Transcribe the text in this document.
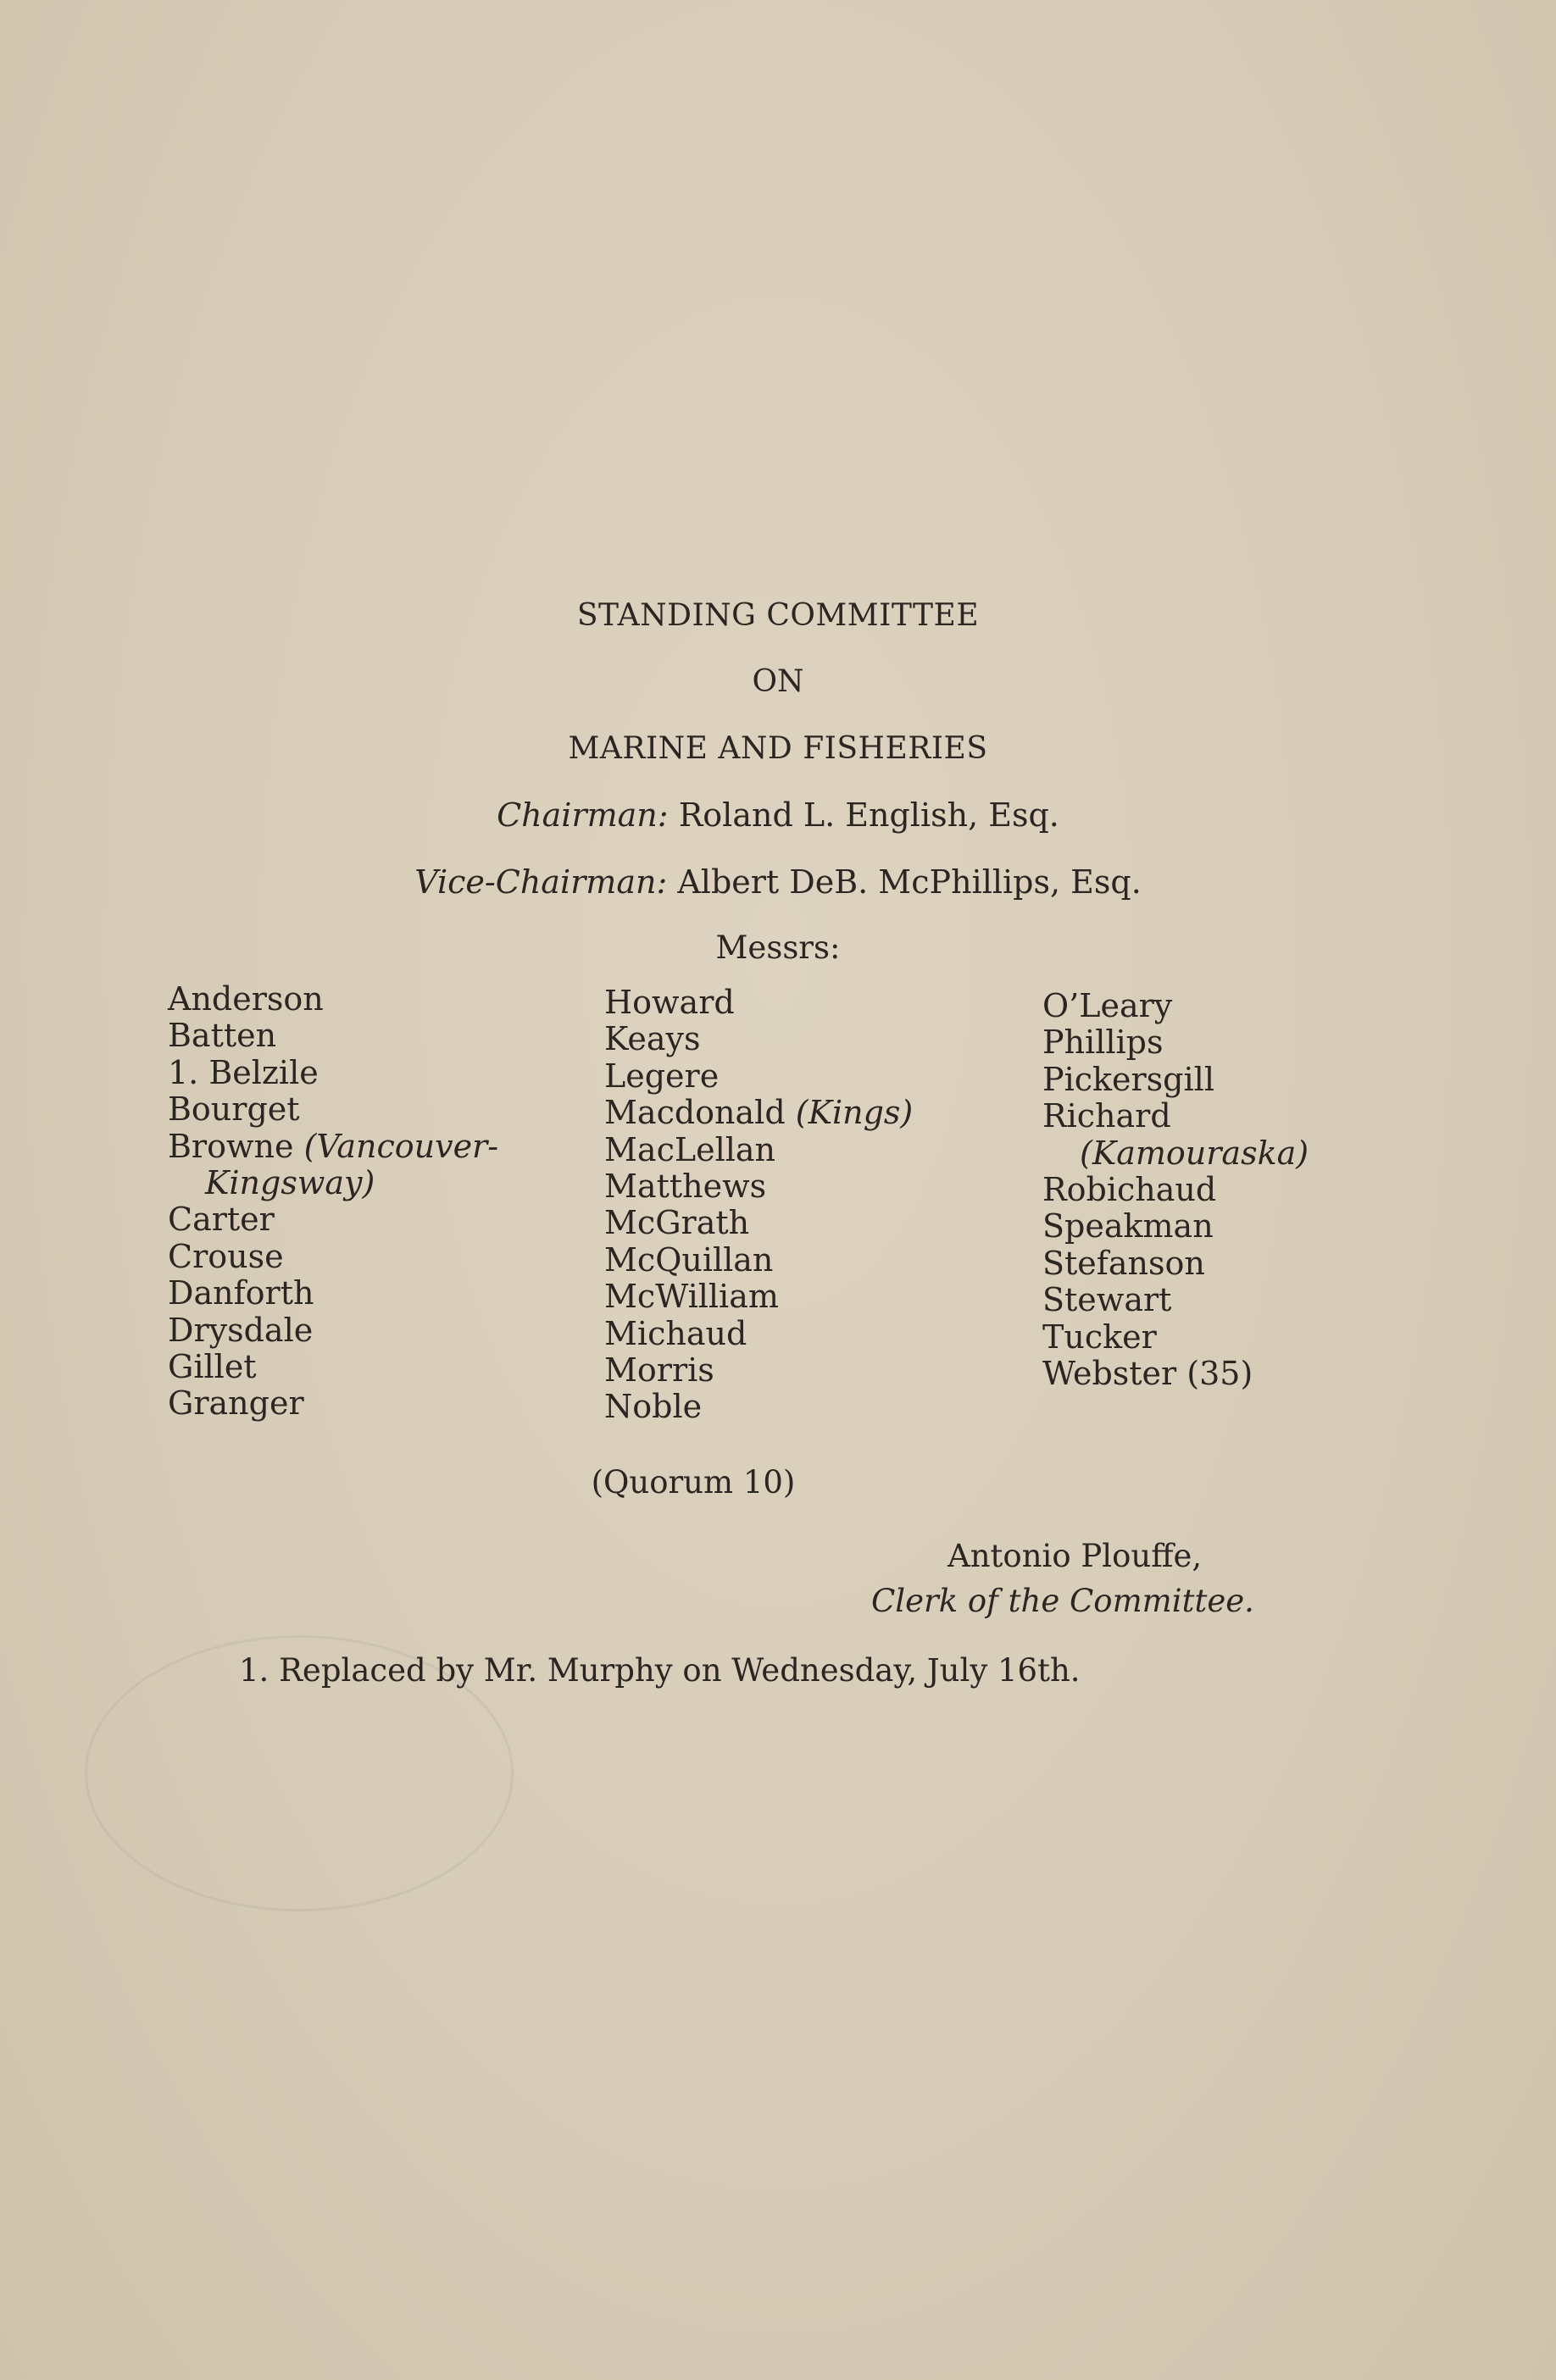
STANDING COMMITTEE
ON
MARINE AND FISHERIES
Chairman: Roland L. English, Esq.
Vice-Chairman: Albert DeB. McPhillips, Esq.
Messrs:
Anderson
Batten
1. Belzile
Bourget
Browne (Vancouver-
Kingsway)
Carter
Crouse
Danforth
Drysdale
Gillet
Granger
Howard
Keays
Legere
Macdonald (Kings)
MacLellan
Matthews
McGrath
McQuillan
McWilliam
Michaud
Morris
Noble
O’Leary
Phillips
Pickersgill
Richard
(Kamouraska)
Robichaud
Speakman
Stefanson
Stewart
Tucker
Webster (35)
(Quorum 10)
Antonio Plouffe,
Clerk of the Committee.
1. Replaced by Mr. Murphy on Wednesday, July 16th.
